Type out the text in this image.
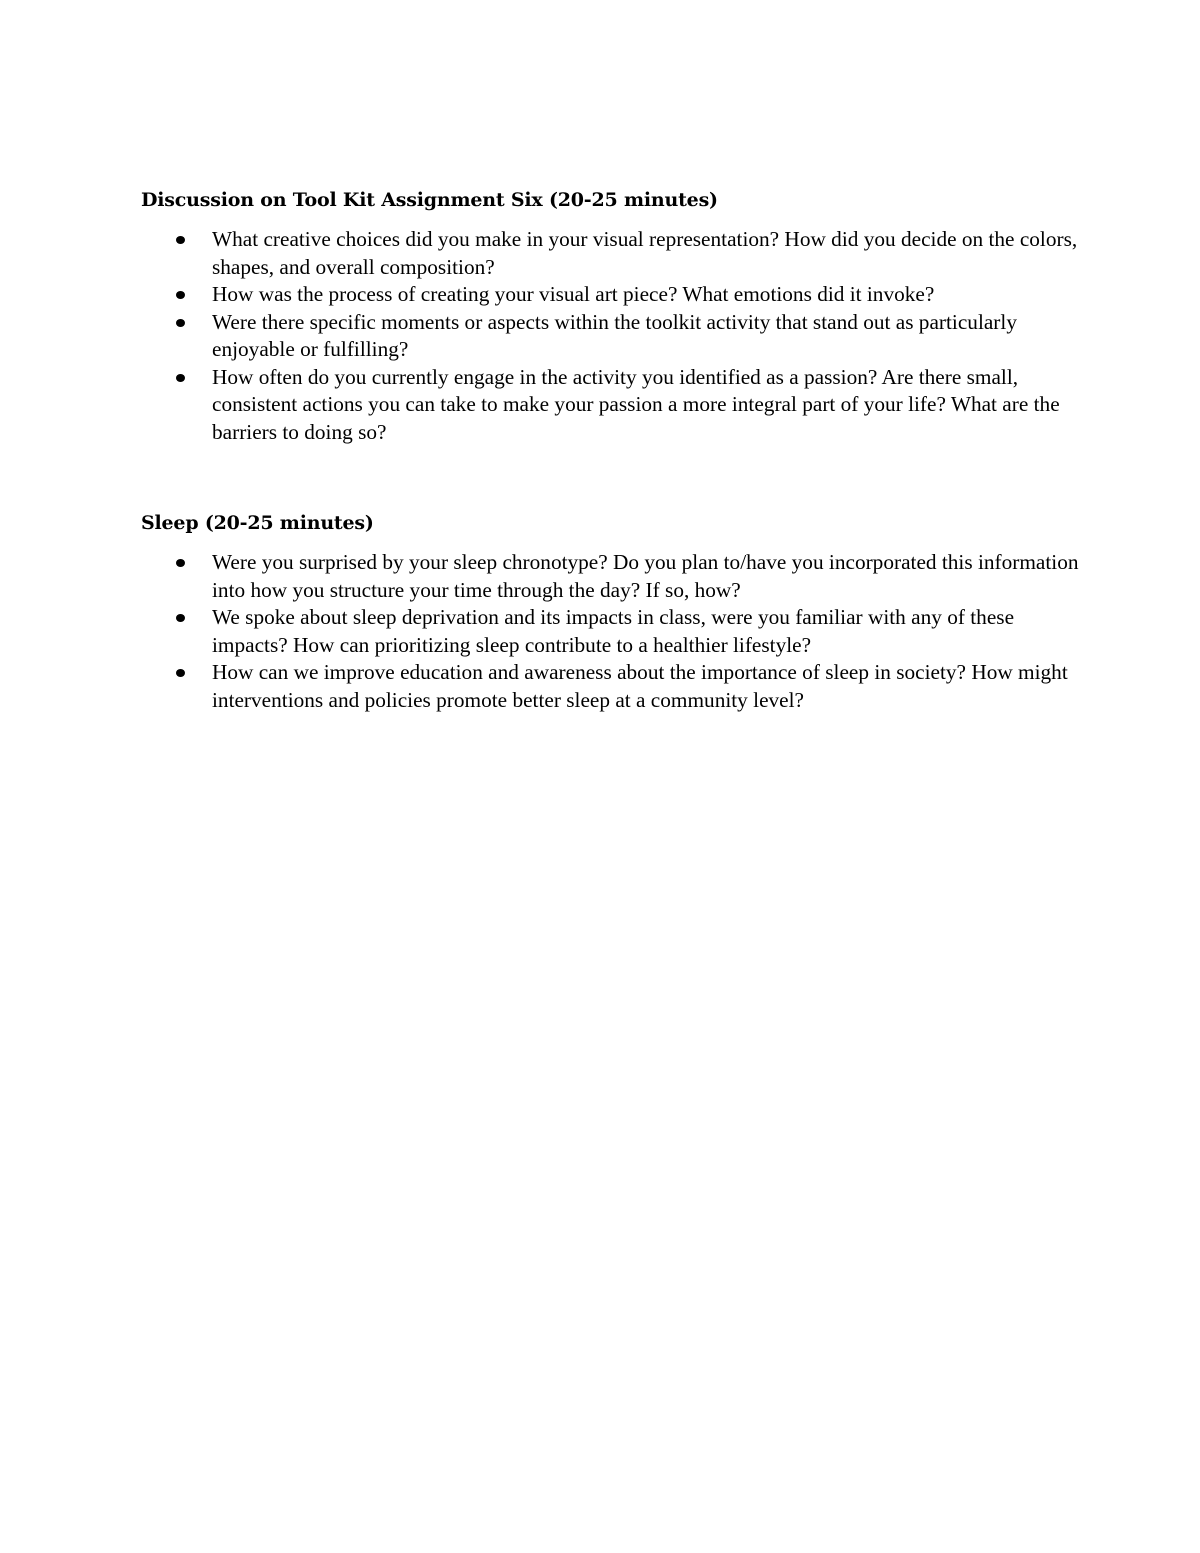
Discussion on Tool Kit Assignment Six (20-25 minutes)
What creative choices did you make in your visual representation? How did you decide on the colors, shapes, and overall composition?
How was the process of creating your visual art piece? What emotions did it invoke?
Were there specific moments or aspects within the toolkit activity that stand out as particularly enjoyable or fulfilling?
How often do you currently engage in the activity you identified as a passion? Are there small, consistent actions you can take to make your passion a more integral part of your life? What are the barriers to doing so?
Sleep (20-25 minutes)
Were you surprised by your sleep chronotype? Do you plan to/have you incorporated this information into how you structure your time through the day? If so, how?
We spoke about sleep deprivation and its impacts in class, were you familiar with any of these impacts? How can prioritizing sleep contribute to a healthier lifestyle?
How can we improve education and awareness about the importance of sleep in society? How might interventions and policies promote better sleep at a community level?
